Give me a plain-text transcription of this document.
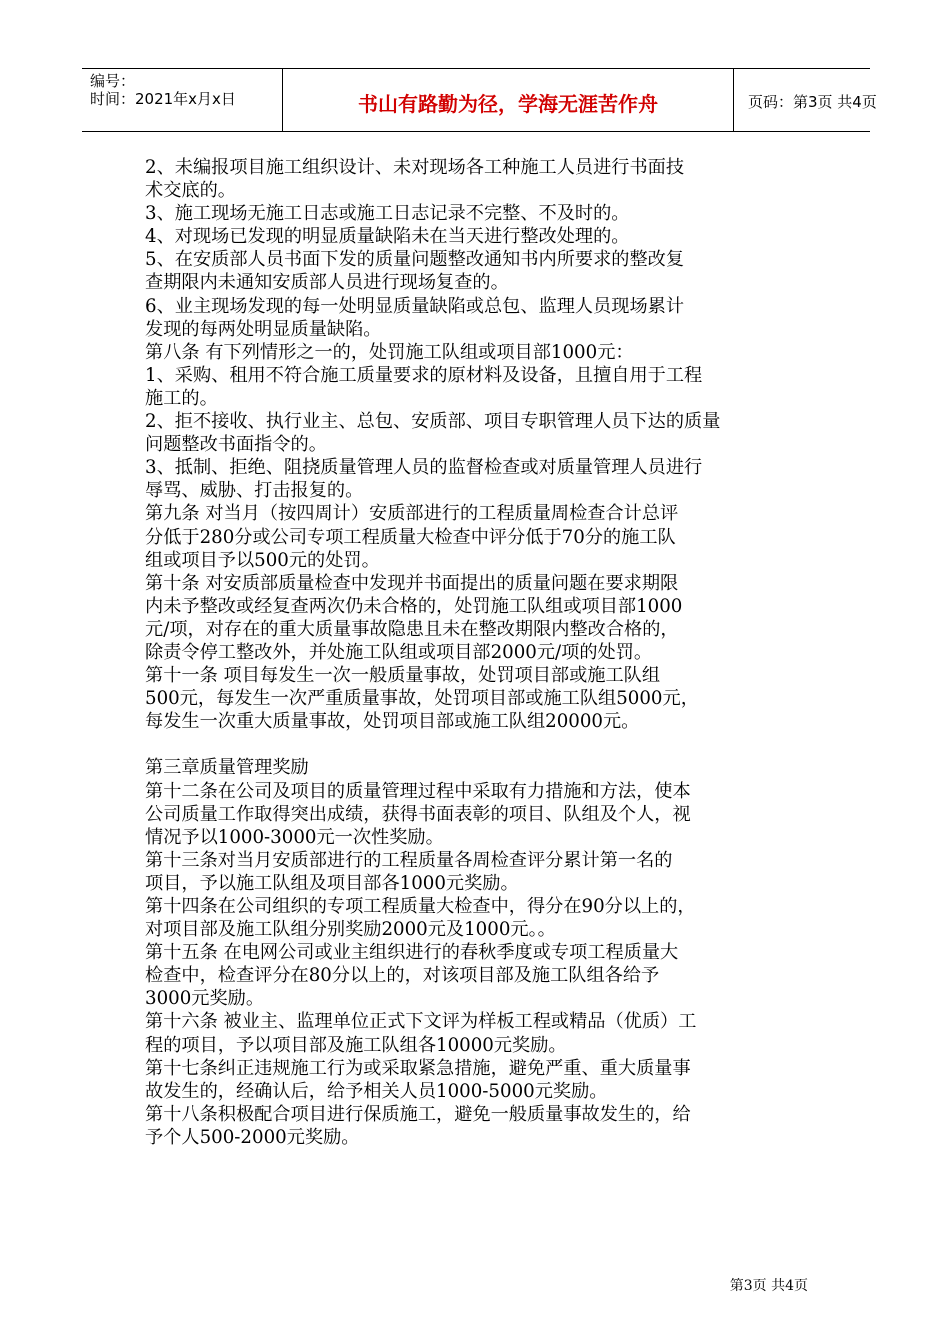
编号：
时间：2021年x月x日	书山有路勤为径，学海无涯苦作舟	页码：第3页 共4页

2、未编报项目施工组织设计、未对现场各工种施工人员进行书面技

术交底的。

3、施工现场无施工日志或施工日志记录不完整、不及时的。

4、对现场已发现的明显质量缺陷未在当天进行整改处理的。

5、在安质部人员书面下发的质量问题整改通知书内所要求的整改复

查期限内未通知安质部人员进行现场复查的。

6、业主现场发现的每一处明显质量缺陷或总包、监理人员现场累计

发现的每两处明显质量缺陷。

第八条 有下列情形之一的，处罚施工队组或项目部1000元：

1、采购、租用不符合施工质量要求的原材料及设备，且擅自用于工程

施工的。

2、拒不接收、执行业主、总包、安质部、项目专职管理人员下达的质量

问题整改书面指令的。

3、抵制、拒绝、阻挠质量管理人员的监督检查或对质量管理人员进行

辱骂、威胁、打击报复的。

第九条 对当月（按四周计）安质部进行的工程质量周检查合计总评

分低于280分或公司专项工程质量大检查中评分低于70分的施工队

组或项目予以500元的处罚。

第十条 对安质部质量检查中发现并书面提出的质量问题在要求期限

内未予整改或经复查两次仍未合格的，处罚施工队组或项目部1000

元/项，对存在的重大质量事故隐患且未在整改期限内整改合格的，

除责令停工整改外，并处施工队组或项目部2000元/项的处罚。

第十一条 项目每发生一次一般质量事故，处罚项目部或施工队组

500元，每发生一次严重质量事故，处罚项目部或施工队组5000元，

每发生一次重大质量事故，处罚项目部或施工队组20000元。

第三章质量管理奖励

第十二条在公司及项目的质量管理过程中采取有力措施和方法，使本

公司质量工作取得突出成绩，获得书面表彰的项目、队组及个人，视

情况予以1000-3000元一次性奖励。

第十三条对当月安质部进行的工程质量各周检查评分累计第一名的

项目，予以施工队组及项目部各1000元奖励。

第十四条在公司组织的专项工程质量大检查中，得分在90分以上的，

对项目部及施工队组分别奖励2000元及1000元。。

第十五条 在电网公司或业主组织进行的春秋季度或专项工程质量大

检查中，检查评分在80分以上的，对该项目部及施工队组各给予

3000元奖励。

第十六条 被业主、监理单位正式下文评为样板工程或精品（优质）工

程的项目，予以项目部及施工队组各10000元奖励。

第十七条纠正违规施工行为或采取紧急措施，避免严重、重大质量事

故发生的，经确认后，给予相关人员1000-5000元奖励。

第十八条积极配合项目进行保质施工，避免一般质量事故发生的，给

予个人500-2000元奖励。

第3页 共4页
